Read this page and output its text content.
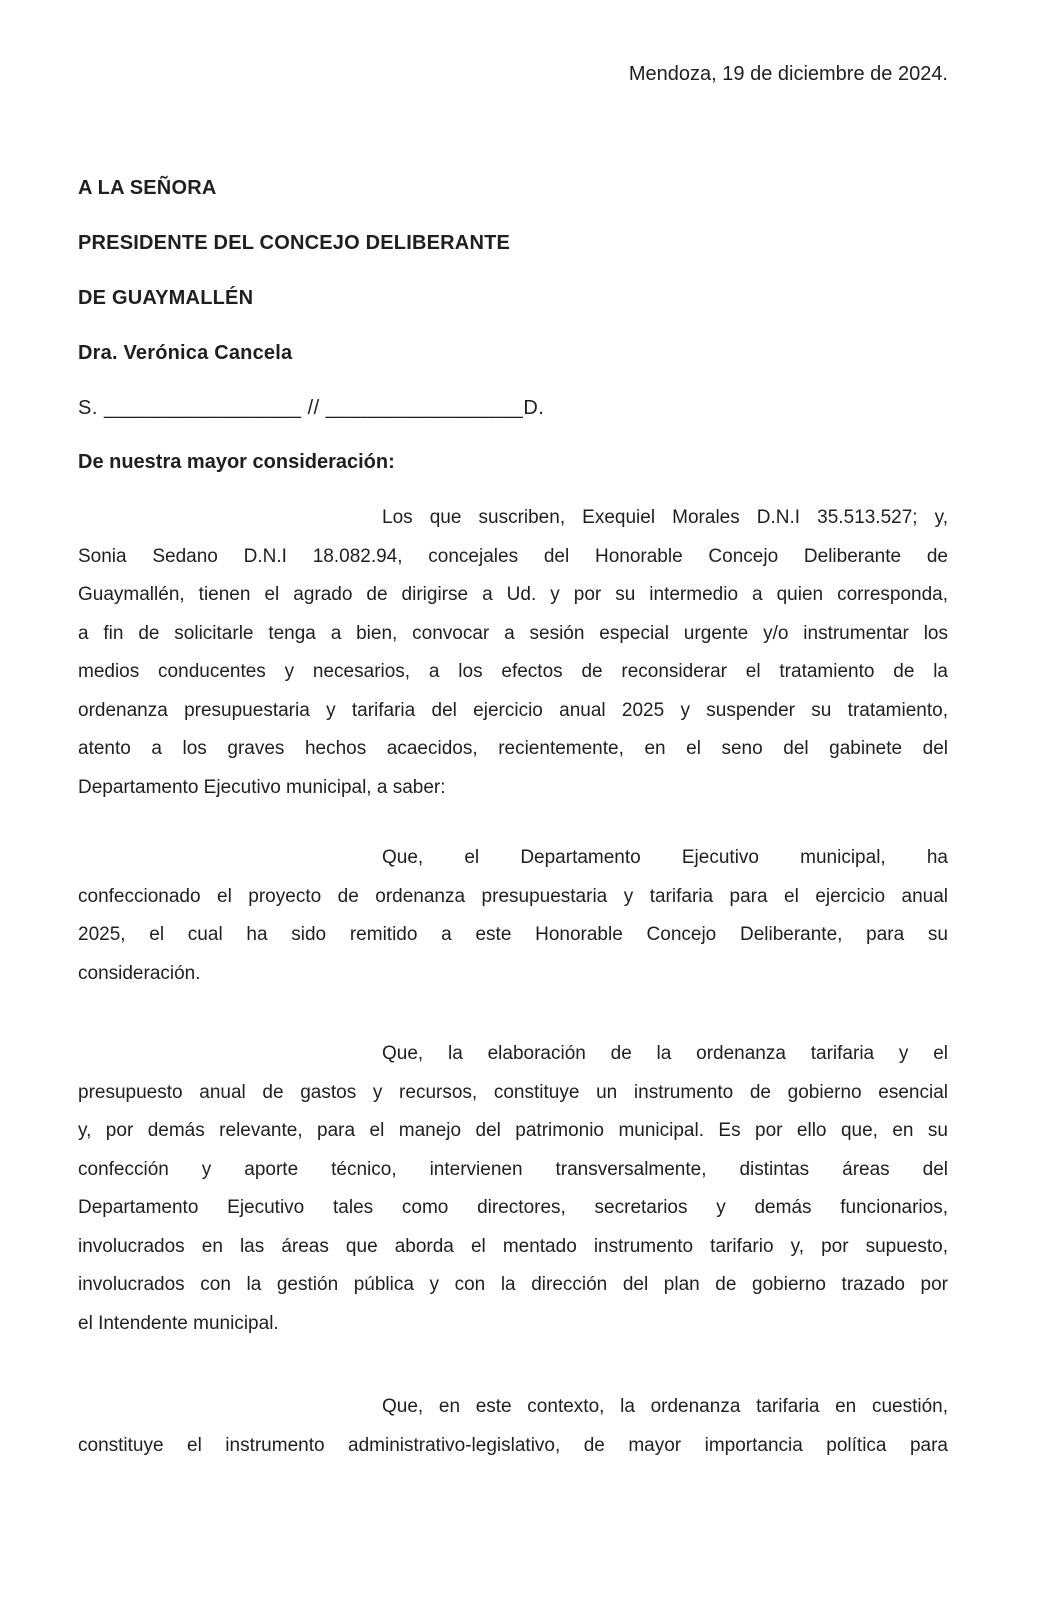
Mendoza, 19 de diciembre de 2024.

A LA SEÑORA

PRESIDENTE DEL CONCEJO DELIBERANTE

DE GUAYMALLÉN

Dra. Verónica Cancela

S. _________________ // _________________D.

De nuestra mayor consideración:

Los que suscriben, Exequiel Morales D.N.I 35.513.527; y,
Sonia Sedano D.N.I 18.082.94, concejales del Honorable Concejo Deliberante de
Guaymallén, tienen el agrado de dirigirse a Ud. y por su intermedio a quien corresponda,
a fin de solicitarle tenga a bien, convocar a sesión especial urgente y/o instrumentar los
medios conducentes y necesarios, a los efectos de reconsiderar el tratamiento de la
ordenanza presupuestaria y tarifaria del ejercicio anual 2025 y suspender su tratamiento,
atento a los graves hechos acaecidos, recientemente, en el seno del gabinete del
Departamento Ejecutivo municipal, a saber:
Que, el Departamento Ejecutivo municipal, ha
confeccionado el proyecto de ordenanza presupuestaria y tarifaria para el ejercicio anual
2025, el cual ha sido remitido a este Honorable Concejo Deliberante, para su
consideración.
Que, la elaboración de la ordenanza tarifaria y el
presupuesto anual de gastos y recursos, constituye un instrumento de gobierno esencial
y, por demás relevante, para el manejo del patrimonio municipal. Es por ello que, en su
confección y aporte técnico, intervienen transversalmente, distintas áreas del
Departamento Ejecutivo tales como directores, secretarios y demás funcionarios,
involucrados en las áreas que aborda el mentado instrumento tarifario y, por supuesto,
involucrados con la gestión pública y con la dirección del plan de gobierno trazado por
el Intendente municipal.
Que, en este contexto, la ordenanza tarifaria en cuestión,
constituye el instrumento administrativo-legislativo, de mayor importancia política para
